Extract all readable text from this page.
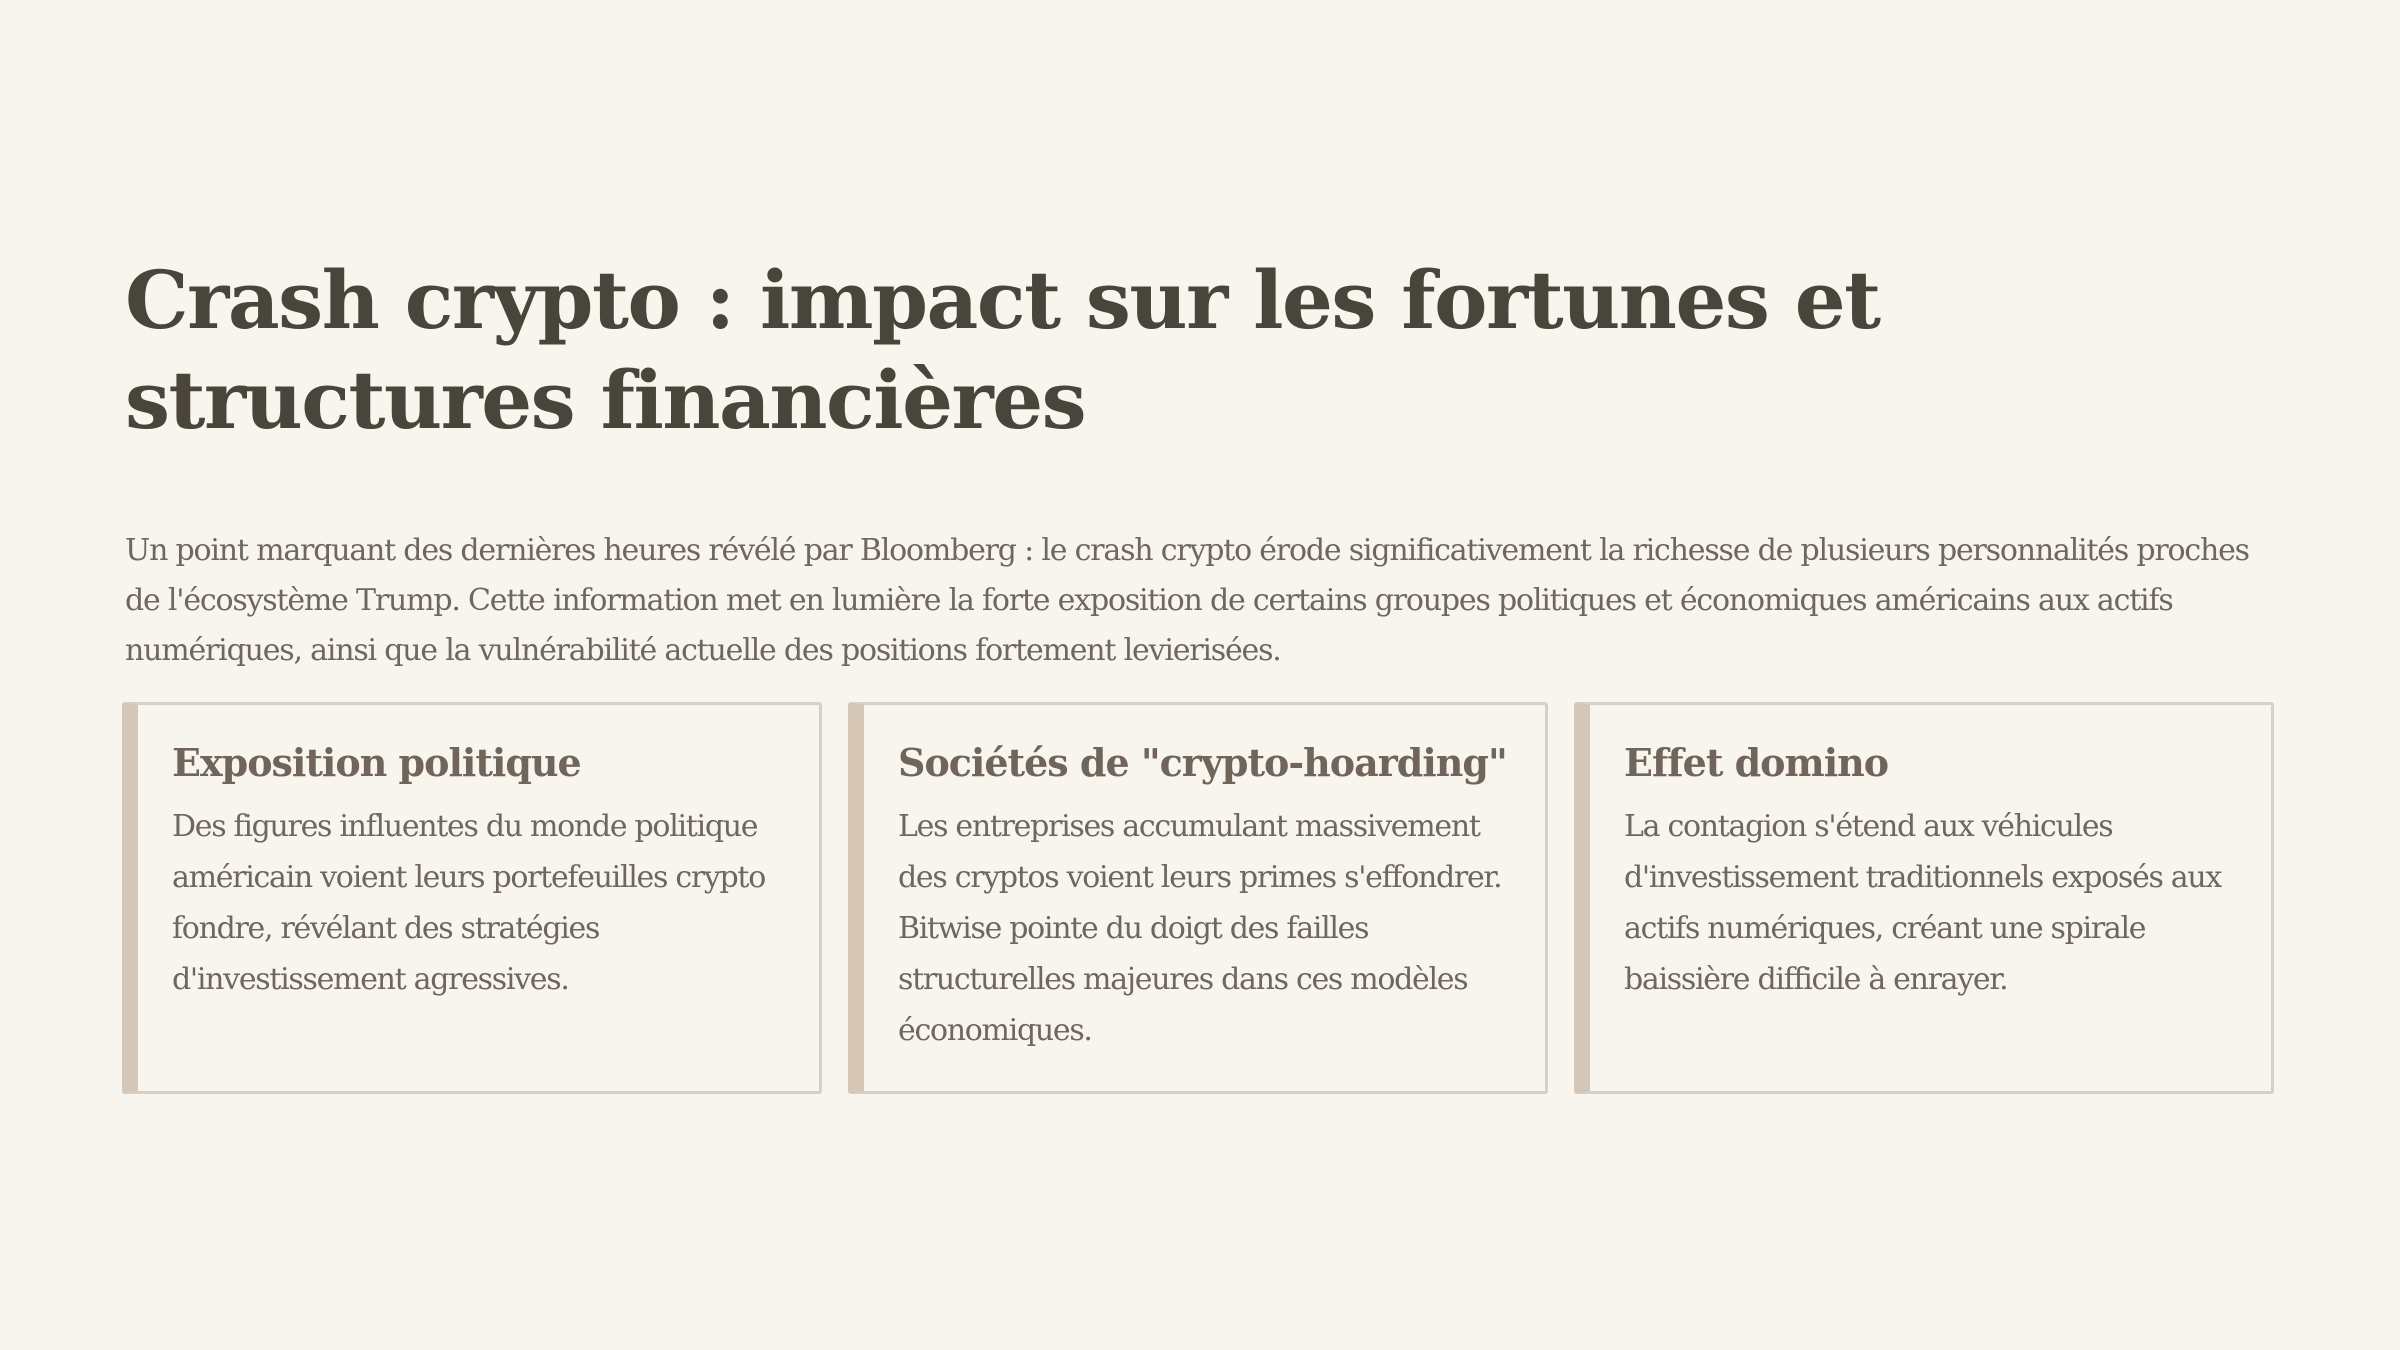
Crash crypto : impact sur les fortunes et structures financières

Un point marquant des dernières heures révélé par Bloomberg : le crash crypto érode significativement la richesse de plusieurs personnalités proches de l'écosystème Trump. Cette information met en lumière la forte exposition de certains groupes politiques et économiques américains aux actifs numériques, ainsi que la vulnérabilité actuelle des positions fortement levierisées.

Exposition politique

Des figures influentes du monde politique américain voient leurs portefeuilles crypto fondre, révélant des stratégies d'investissement agressives.

Sociétés de "crypto-hoarding"

Les entreprises accumulant massivement des cryptos voient leurs primes s'effondrer. Bitwise pointe du doigt des failles structurelles majeures dans ces modèles économiques.

Effet domino

La contagion s'étend aux véhicules d'investissement traditionnels exposés aux actifs numériques, créant une spirale baissière difficile à enrayer.
